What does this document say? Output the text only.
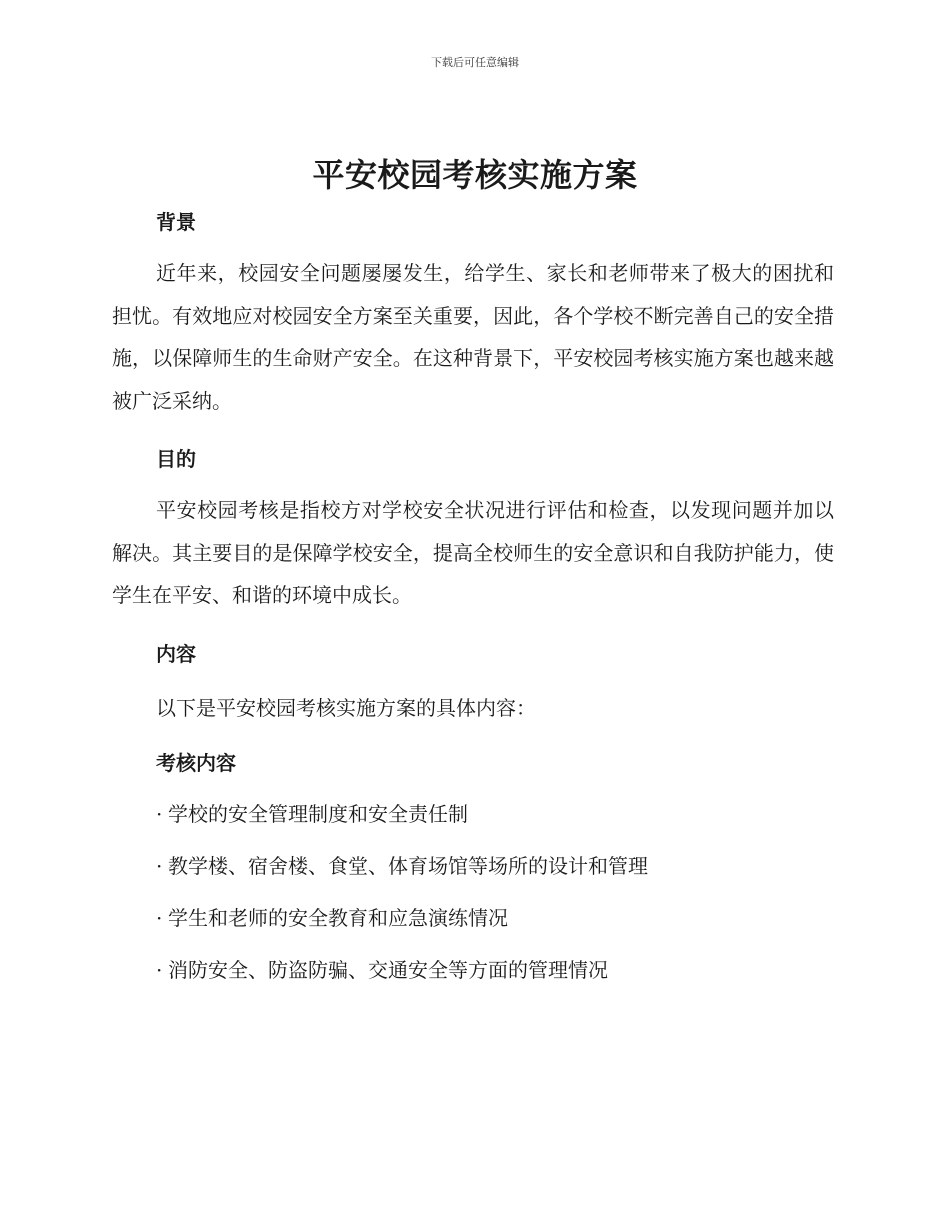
下载后可任意编辑
平安校园考核实施方案
背景

近年来，校园安全问题屡屡发生，给学生、家长和老师带来了极大的困扰和担忧。有效地应对校园安全方案至关重要，因此，各个学校不断完善自己的安全措施，以保障师生的生命财产安全。在这种背景下，平安校园考核实施方案也越来越被广泛采纳。

目的

平安校园考核是指校方对学校安全状况进行评估和检查，以发现问题并加以解决。其主要目的是保障学校安全，提高全校师生的安全意识和自我防护能力，使学生在平安、和谐的环境中成长。

内容

以下是平安校园考核实施方案的具体内容：

考核内容
· 学校的安全管理制度和安全责任制
· 教学楼、宿舍楼、食堂、体育场馆等场所的设计和管理
· 学生和老师的安全教育和应急演练情况
· 消防安全、防盗防骗、交通安全等方面的管理情况
